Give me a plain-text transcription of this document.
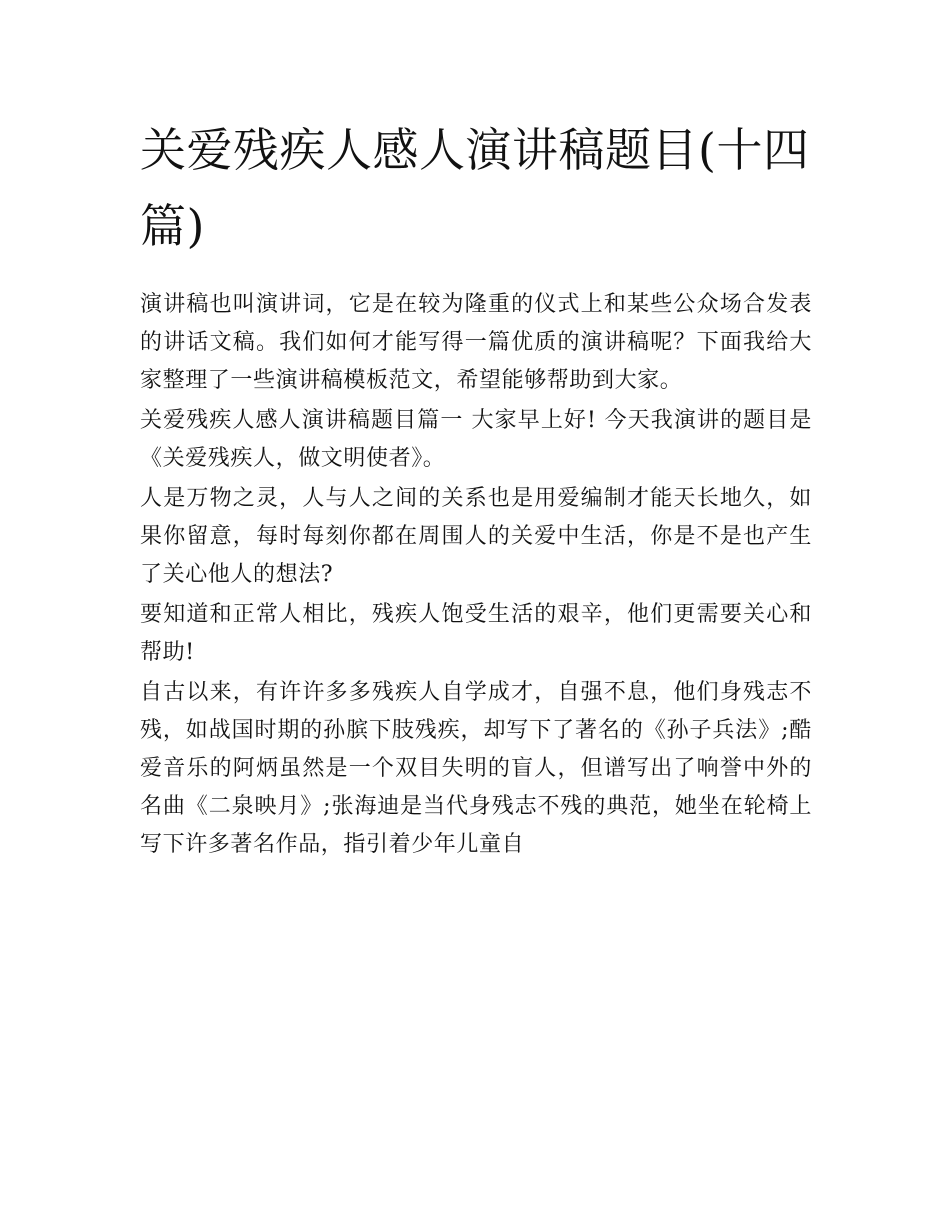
关爱残疾人感人演讲稿题目(十四篇)

演讲稿也叫演讲词，它是在较为隆重的仪式上和某些公众场合发表的讲话文稿。我们如何才能写得一篇优质的演讲稿呢？下面我给大家整理了一些演讲稿模板范文，希望能够帮助到大家。

关爱残疾人感人演讲稿题目篇一 大家早上好! 今天我演讲的题目是《关爱残疾人，做文明使者》。

人是万物之灵，人与人之间的关系也是用爱编制才能天长地久，如果你留意，每时每刻你都在周围人的关爱中生活，你是不是也产生了关心他人的想法?

要知道和正常人相比，残疾人饱受生活的艰辛，他们更需要关心和帮助!

自古以来，有许许多多残疾人自学成才，自强不息，他们身残志不残，如战国时期的孙膑下肢残疾，却写下了著名的《孙子兵法》;酷爱音乐的阿炳虽然是一个双目失明的盲人，但谱写出了响誉中外的名曲《二泉映月》;张海迪是当代身残志不残的典范，她坐在轮椅上写下许多著名作品，指引着少年儿童自
